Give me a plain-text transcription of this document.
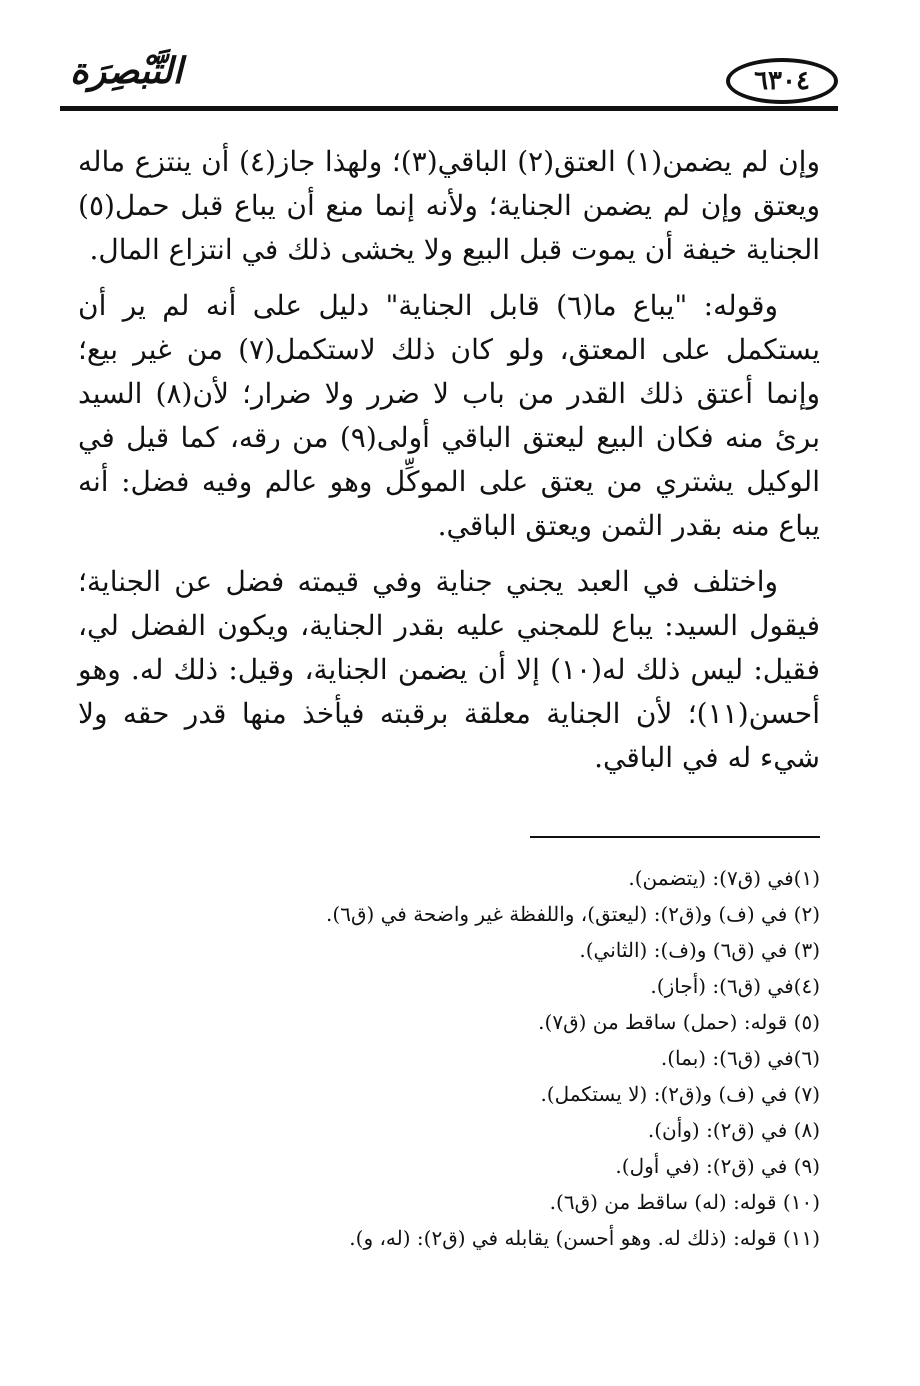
التَّبْصِرَة	٦٣٠٤

وإن لم يضمن(١) العتق(٢) الباقي(٣)؛ ولهذا جاز(٤) أن ينتزع ماله ويعتق وإن لم يضمن الجناية؛ ولأنه إنما منع أن يباع قبل حمل(٥) الجناية خيفة أن يموت قبل البيع ولا يخشى ذلك في انتزاع المال.

وقوله: "يباع ما(٦) قابل الجناية" دليل على أنه لم ير أن يستكمل على المعتق، ولو كان ذلك لاستكمل(٧) من غير بيع؛ وإنما أعتق ذلك القدر من باب لا ضرر ولا ضرار؛ لأن(٨) السيد برئ منه فكان البيع ليعتق الباقي أولى(٩) من رقه، كما قيل في الوكيل يشتري من يعتق على الموكِّل وهو عالم وفيه فضل: أنه يباع منه بقدر الثمن ويعتق الباقي.

واختلف في العبد يجني جناية وفي قيمته فضل عن الجناية؛ فيقول السيد: يباع للمجني عليه بقدر الجناية، ويكون الفضل لي، فقيل: ليس ذلك له(١٠) إلا أن يضمن الجناية، وقيل: ذلك له. وهو أحسن(١١)؛ لأن الجناية معلقة برقبته فيأخذ منها قدر حقه ولا شيء له في الباقي.

(١)في (ق٧): (يتضمن).
(٢) في (ف) و(ق٢): (ليعتق)، واللفظة غير واضحة في (ق٦).
(٣) في (ق٦) و(ف): (الثاني).
(٤)في (ق٦): (أجاز).
(٥) قوله: (حمل) ساقط من (ق٧).
(٦)في (ق٦): (بما).
(٧) في (ف) و(ق٢): (لا يستكمل).
(٨) في (ق٢): (وأن).
(٩) في (ق٢): (في أول).
(١٠) قوله: (له) ساقط من (ق٦).
(١١) قوله: (ذلك له. وهو أحسن) يقابله في (ق٢): (له، و).
